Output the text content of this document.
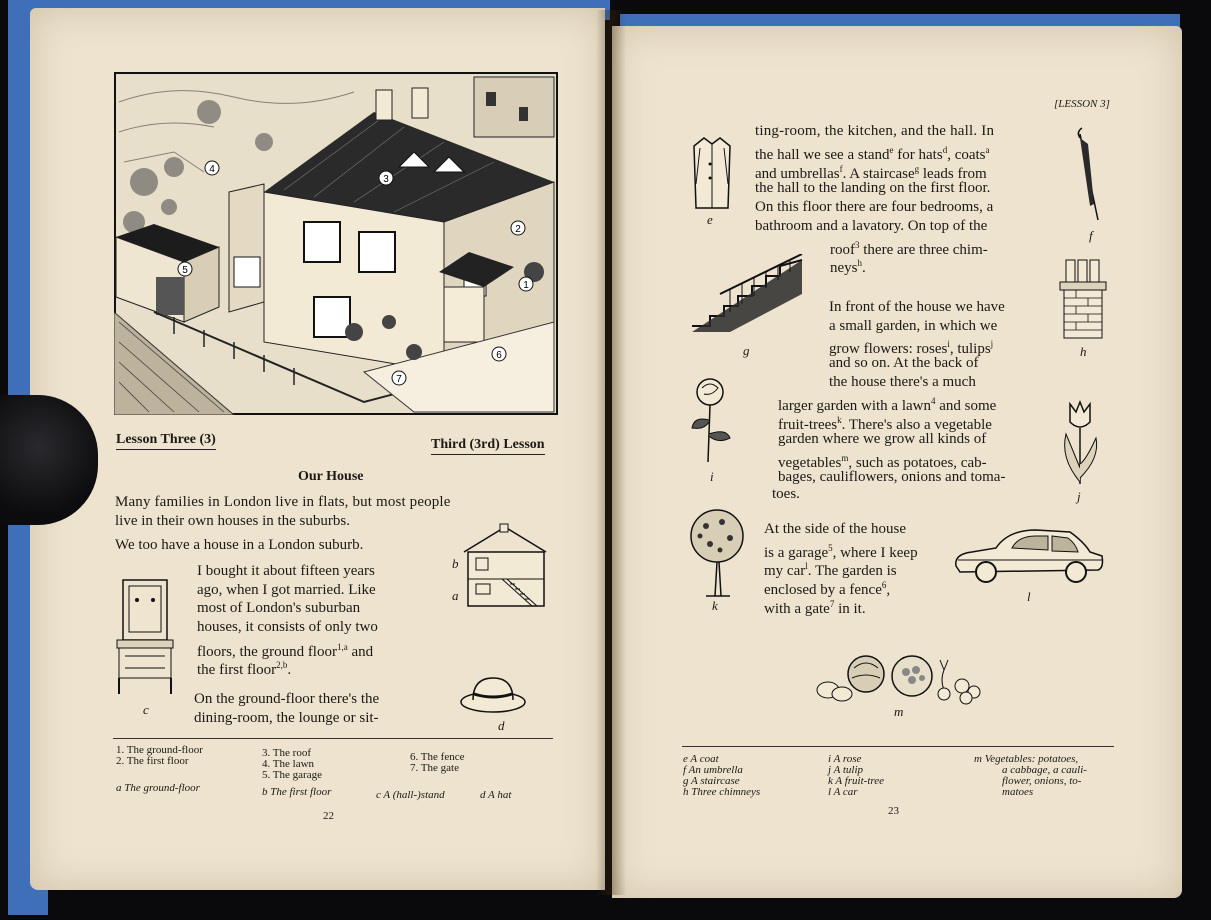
1
2
3
4
5
6
7
Lesson Three (3)	Third (3rd) Lesson
Our House
Many families in London live in flats, but most people
live in their own houses in the suburbs.
We too have a house in a London suburb.
I bought it about fifteen years
ago, when I got married. Like
most of London's suburban
houses, it consists of only two
floors, the ground floor$^{1,a}$ and
the first floor$^{2,b}$.
On the ground-floor there's the
dining-room, the lounge or sit-
b
a
c
d
1. The ground-floor
2. The first floor
3. The roof
4. The lawn
5. The garage
6. The fence
7. The gate
a The ground-floor	b The first floor	c A (hall-)stand	d A hat
22
[LESSON 3]
ting-room, the kitchen, and the hall. In
the hall we see a stand$^e$ for hats$^d$, coats$^a$
and umbrellas$^f$. A staircase$^g$ leads from
the hall to the landing on the first floor.
On this floor there are four bedrooms, a
bathroom and a lavatory. On top of the
roof$^3$ there are three chim-
neys$^h$.
e
f
g	h
In front of the house we have
a small garden, in which we
grow flowers: roses$^i$, tulips$^j$
and so on. At the back of
the house there's a much
larger garden with a lawn$^4$ and some
fruit-trees$^k$. There's also a vegetable
garden where we grow all kinds of
vegetables$^m$, such as potatoes, cab-
bages, cauliflowers, onions and toma-
toes.
i
j
At the side of the house
is a garage$^5$, where I keep
my car$^l$. The garden is
enclosed by a fence$^6$,
with a gate$^7$ in it.
k
l
m
e A coat
f An umbrella
g A staircase
h Three chimneys
i A rose
j A tulip
k A fruit-tree
l A car
m Vegetables: potatoes,
a cabbage, a cauli-
flower, onions, to-
matoes
23
